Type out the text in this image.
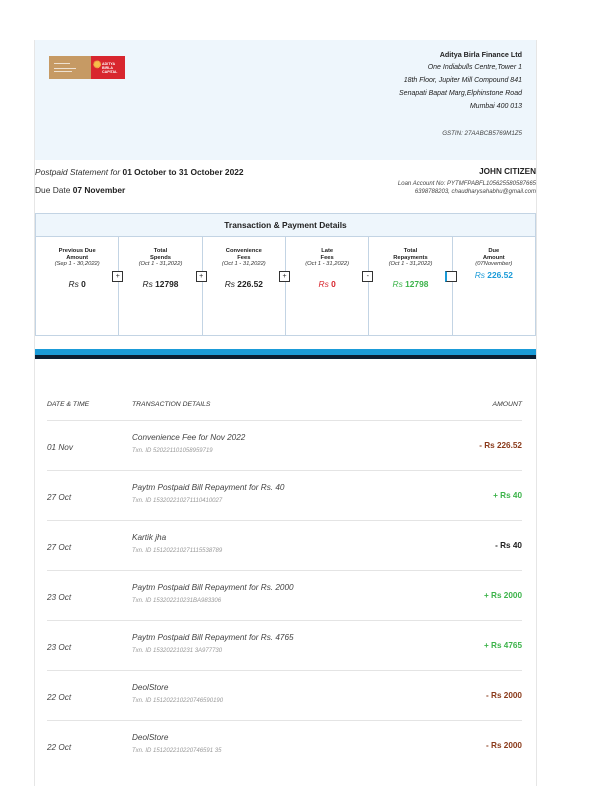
✺ ADITYA BIRLA
CAPITAL
Aditya Birla Finance Ltd
One Indiabulls Centre,Tower 1
18th Floor, Jupiter Mill Compound 841
Senapati Bapat Marg,Elphinstone Road
Mumbai 400 013
GSTIN: 27AABCB5769M1Z5
Postpaid Statement for 01 October to 31 October 2022
Due Date 07 November
JOHN CITIZEN
Loan Account No: PYTMFPABFL105625580587665
6398788203, chaudharysahabhu@gmail.com
Transaction & Payment Details
Previous Due
Amount
(Sep 1 - 30,2022)
Rs 0
+
Total
Spends
(Oct 1 - 31,2022)
Rs 12798
+
Convenience
Fees
(Oct 1 - 31,2022)
Rs 226.52
+
Late
Fees
(Oct 1 - 31,2022)
Rs 0
-
Total
Repayments
(Oct 1 - 31,2022)
Rs 12798
Due
Amount
(07November)
Rs 226.52
DATE & TIME	TRANSACTION DETAILS	AMOUNT
01 Nov
Convenience Fee for Nov 2022
Txn. ID 520221101058959719
- Rs 226.52
27 Oct
Paytm Postpaid Bill Repayment for Rs. 40
Txn. ID 153202210271110410027
+ Rs 40
27 Oct
Kartik jha
Txn. ID 151202210271115538789
- Rs 40
23 Oct
Paytm Postpaid Bill Repayment for Rs. 2000
Txn. ID 153202210231BA983306
+ Rs 2000
23 Oct
Paytm Postpaid Bill Repayment for Rs. 4765
Txn. ID 153202210231 3A977730
+ Rs 4765
22 Oct
DeolStore
Txn. ID 151202210220746590190
- Rs 2000
22 Oct
DeolStore
Txn. ID 151202210220746591 35
- Rs 2000
